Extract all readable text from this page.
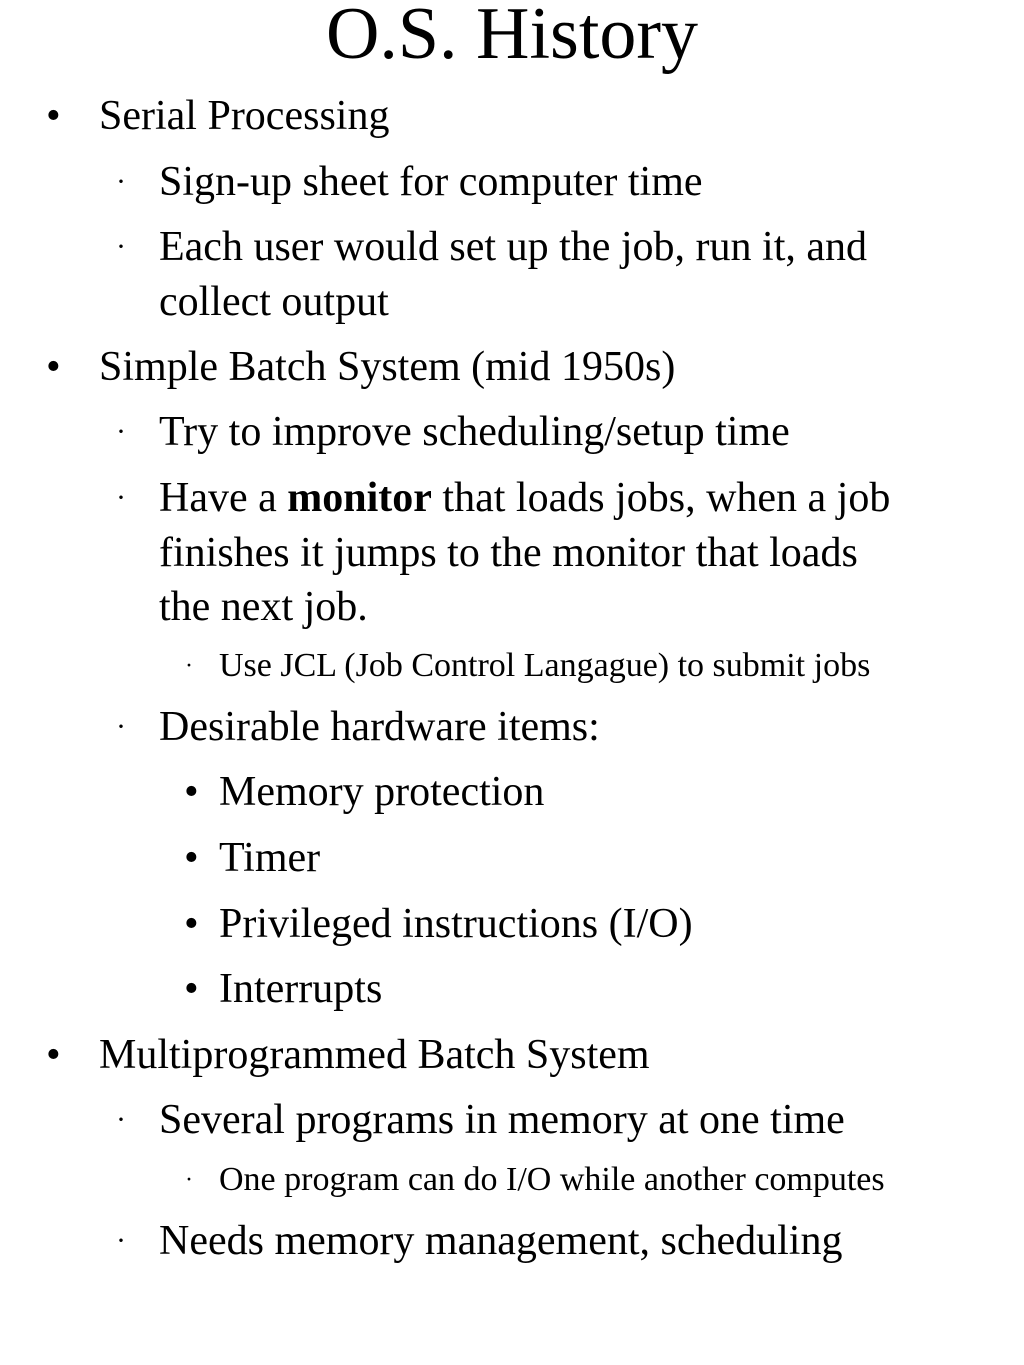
O.S. History
• Serial Processing
· Sign-up sheet for computer time
· Each user would set up the job, run it, and
collect output
• Simple Batch System (mid 1950s)
· Try to improve scheduling/setup time
· Have a monitor that loads jobs, when a job
finishes it jumps to the monitor that loads
the next job.
· Use JCL (Job Control Langague) to submit jobs
· Desirable hardware items:
• Memory protection
• Timer
• Privileged instructions (I/O)
• Interrupts
• Multiprogrammed Batch System
· Several programs in memory at one time
· One program can do I/O while another computes
· Needs memory management, scheduling
